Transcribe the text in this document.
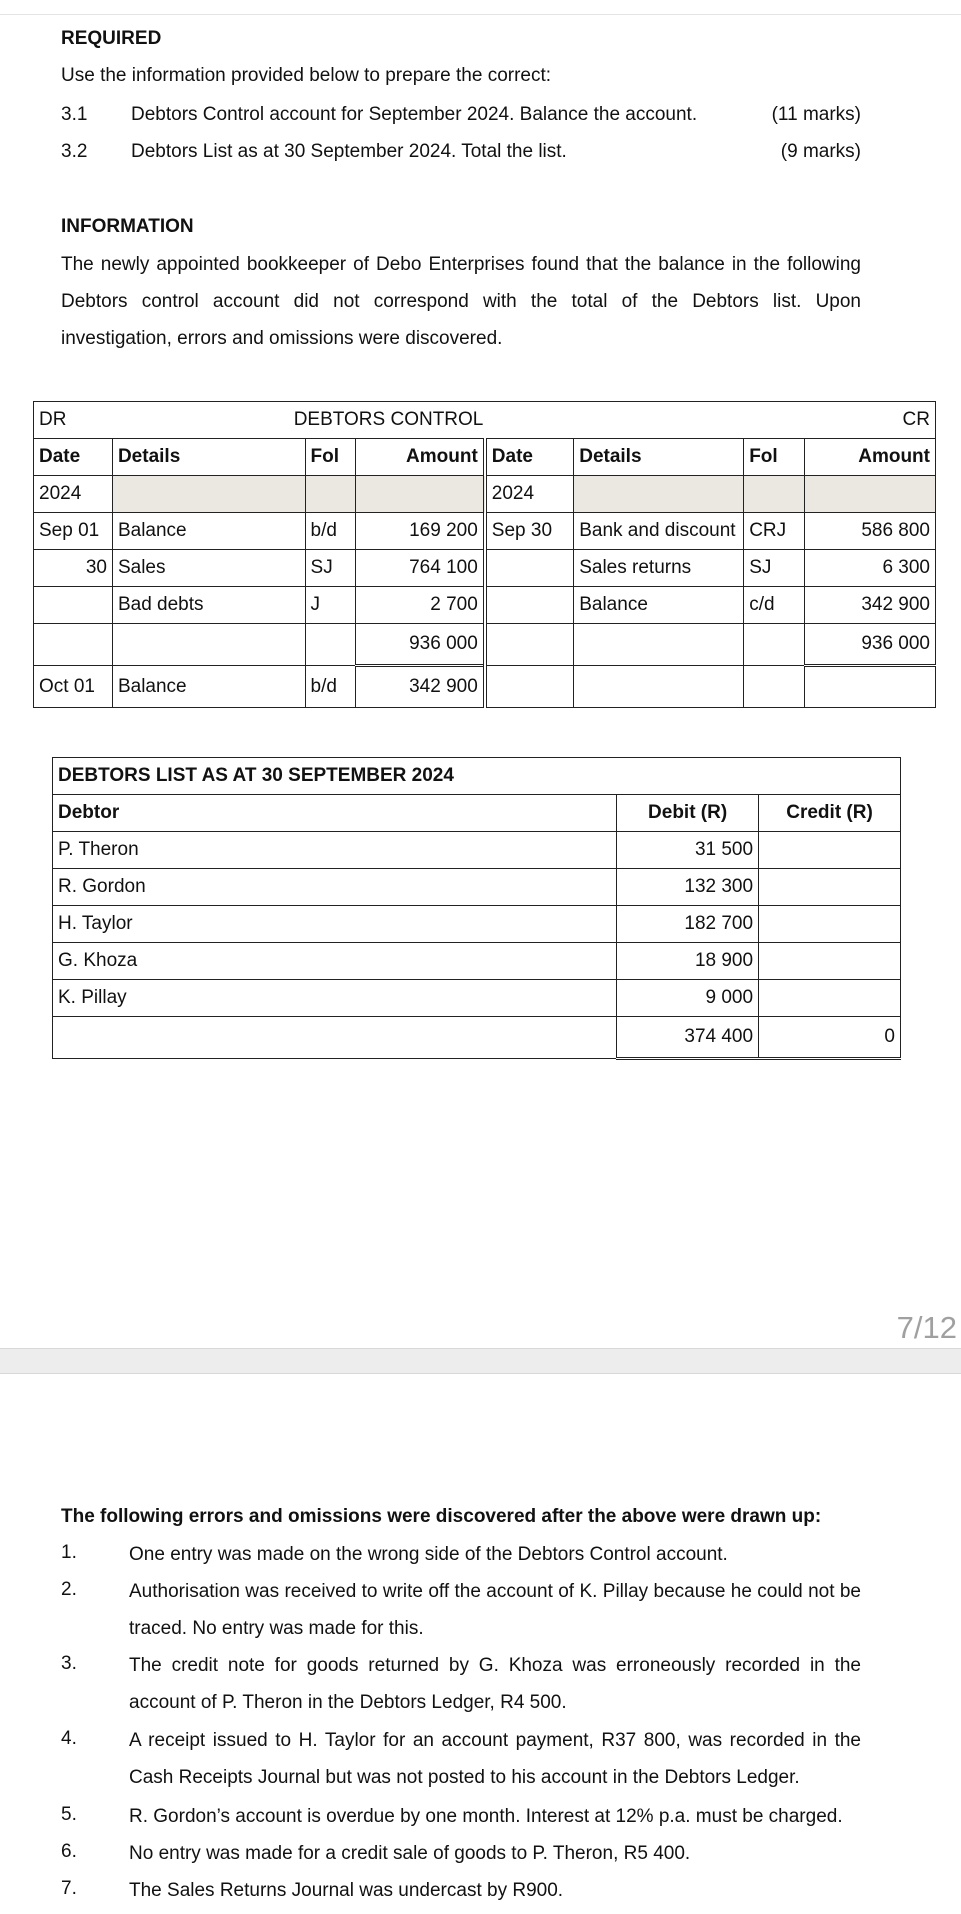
REQUIRED
Use the information provided below to prepare the correct:
3.1 Debtors Control account for September 2024. Balance the account.	(11 marks)
3.2 Debtors List as at 30 September 2024. Total the list.	(9 marks)
INFORMATION
The newly appointed bookkeeper of Debo Enterprises found that the balance in the following Debtors control account did not correspond with the total of the Debtors list. Upon investigation, errors and omissions were discovered.
DR	DEBTORS CONTROL						CR
Date	Details	Fol	Amount	Date	Details	Fol	Amount
2024				2024			
Sep 01	Balance	b/d	169 200	Sep 30	Bank and discount	CRJ	586 800
30	Sales	SJ	764 100		Sales returns	SJ	6 300
	Bad debts	J	2 700		Balance	c/d	342 900
			936 000				936 000
Oct 01	Balance	b/d	342 900				
DEBTORS LIST AS AT 30 SEPTEMBER 2024		
Debtor	Debit (R)	Credit (R)
P. Theron	31 500	
R. Gordon	132 300	
H. Taylor	182 700	
G. Khoza	18 900	
K. Pillay	9 000	
	374 400	0
7/12
The following errors and omissions were discovered after the above were drawn up:
1.	One entry was made on the wrong side of the Debtors Control account.
2.	Authorisation was received to write off the account of K. Pillay because he could not be traced. No entry was made for this.
3.	The credit note for goods returned by G. Khoza was erroneously recorded in the account of P. Theron in the Debtors Ledger, R4 500.
4.	A receipt issued to H. Taylor for an account payment, R37 800, was recorded in the Cash Receipts Journal but was not posted to his account in the Debtors Ledger.
5.	R. Gordon’s account is overdue by one month. Interest at 12% p.a. must be charged.
6.	No entry was made for a credit sale of goods to P. Theron, R5 400.
7.	The Sales Returns Journal was undercast by R900.
